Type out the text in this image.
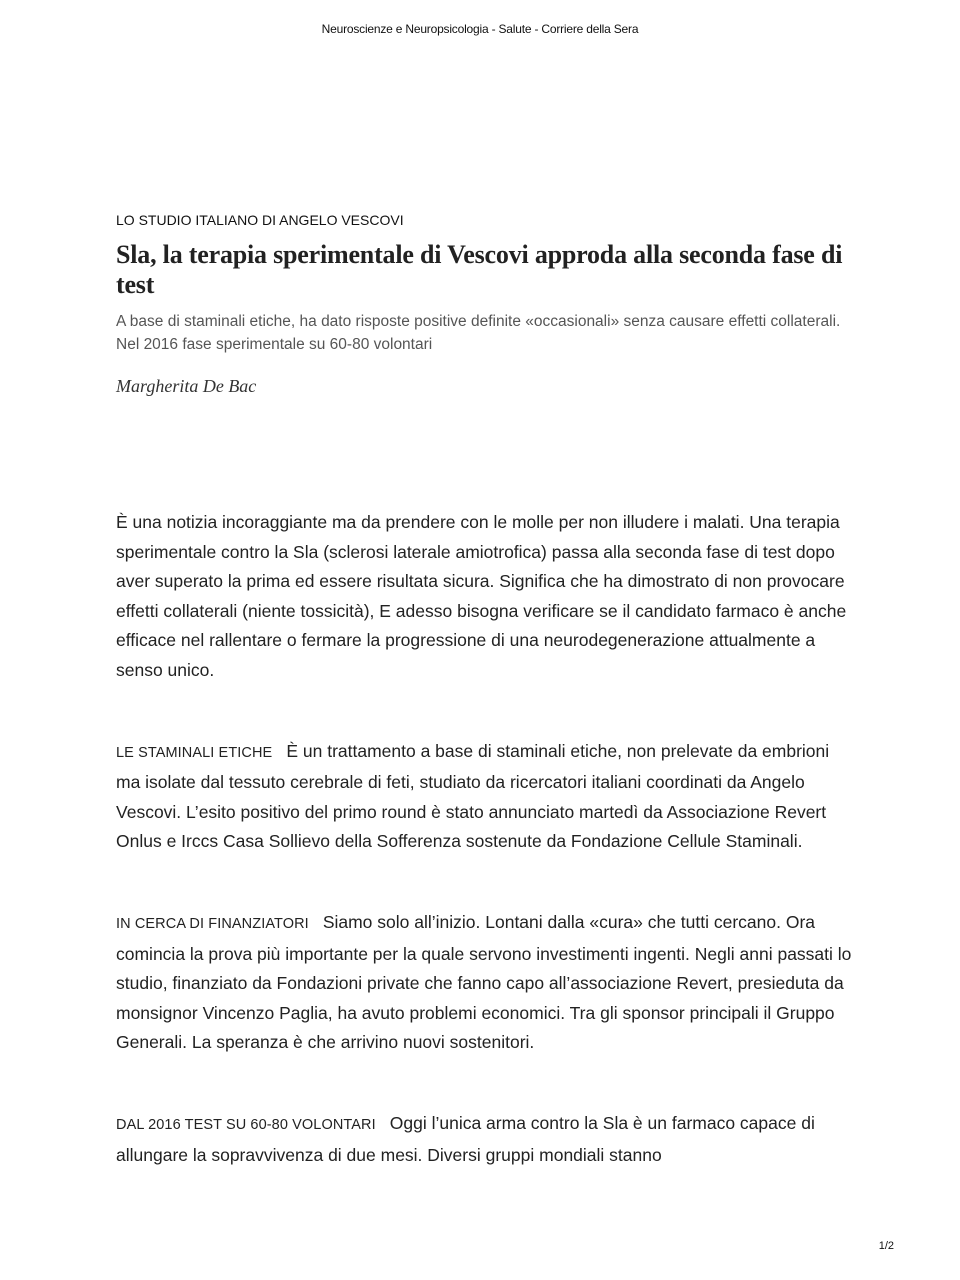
Neuroscienze e Neuropsicologia - Salute - Corriere della Sera
LO STUDIO ITALIANO DI ANGELO VESCOVI
Sla, la terapia sperimentale di Vescovi approda alla seconda fase di test

A base di staminali etiche, ha dato risposte positive definite «occasionali» senza causare effetti collaterali. Nel 2016 fase sperimentale su 60-80 volontari

Margherita De Bac

È una notizia incoraggiante ma da prendere con le molle per non illudere i malati. Una terapia sperimentale contro la Sla (sclerosi laterale amiotrofica) passa alla seconda fase di test dopo aver superato la prima ed essere risultata sicura. Significa che ha dimostrato di non provocare effetti collaterali (niente tossicità), E adesso bisogna verificare se il candidato farmaco è anche efficace nel rallentare o fermare la progressione di una neurodegenerazione attualmente a senso unico.

LE STAMINALI ETICHE È un trattamento a base di staminali etiche, non prelevate da embrioni ma isolate dal tessuto cerebrale di feti, studiato da ricercatori italiani coordinati da Angelo Vescovi. L’esito positivo del primo round è stato annunciato martedì da Associazione Revert Onlus e Irccs Casa Sollievo della Sofferenza sostenute da Fondazione Cellule Staminali.

IN CERCA DI FINANZIATORI Siamo solo all’inizio. Lontani dalla «cura» che tutti cercano. Ora comincia la prova più importante per la quale servono investimenti ingenti. Negli anni passati lo studio, finanziato da Fondazioni private che fanno capo all’associazione Revert, presieduta da monsignor Vincenzo Paglia, ha avuto problemi economici. Tra gli sponsor principali il Gruppo Generali. La speranza è che arrivino nuovi sostenitori.

DAL 2016 TEST SU 60-80 VOLONTARI Oggi l’unica arma contro la Sla è un farmaco capace di allungare la sopravvivenza di due mesi. Diversi gruppi mondiali stanno

1/2
